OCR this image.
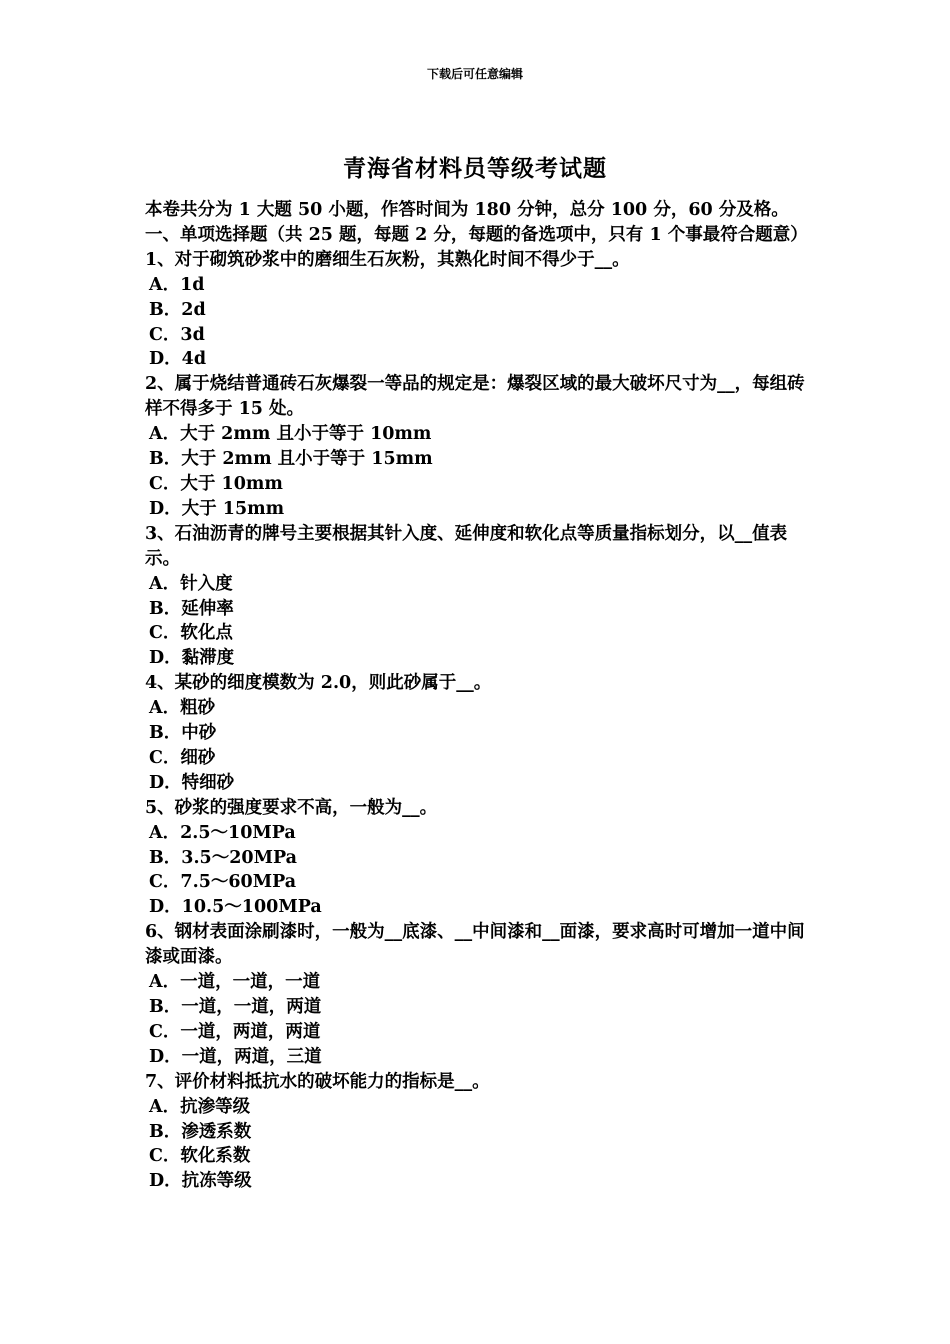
下载后可任意编辑
青海省材料员等级考试题
本卷共分为 1 大题 50 小题，作答时间为 180 分钟，总分 100 分，60 分及格。
一、单项选择题（共 25 题，每题 2 分，每题的备选项中，只有 1 个事最符合题意）
1、对于砌筑砂浆中的磨细生石灰粉，其熟化时间不得少于__。
A．1d
B．2d
C．3d
D．4d
2、属于烧结普通砖石灰爆裂一等品的规定是：爆裂区域的最大破坏尺寸为__，每组砖样不得多于 15 处。
A．大于 2mm 且小于等于 10mm
B．大于 2mm 且小于等于 15mm
C．大于 10mm
D．大于 15mm
3、石油沥青的牌号主要根据其针入度、延伸度和软化点等质量指标划分，以__值表示。
A．针入度
B．延伸率
C．软化点
D．黏滞度
4、某砂的细度模数为 2.0，则此砂属于__。
A．粗砂
B．中砂
C．细砂
D．特细砂
5、砂浆的强度要求不高，一般为__。
A．2.5～10MPa
B．3.5～20MPa
C．7.5～60MPa
D．10.5～100MPa
6、钢材表面涂刷漆时，一般为__底漆、__中间漆和__面漆，要求高时可增加一道中间漆或面漆。
A．一道，一道，一道
B．一道，一道，两道
C．一道，两道，两道
D．一道，两道，三道
7、评价材料抵抗水的破坏能力的指标是__。
A．抗渗等级
B．渗透系数
C．软化系数
D．抗冻等级
